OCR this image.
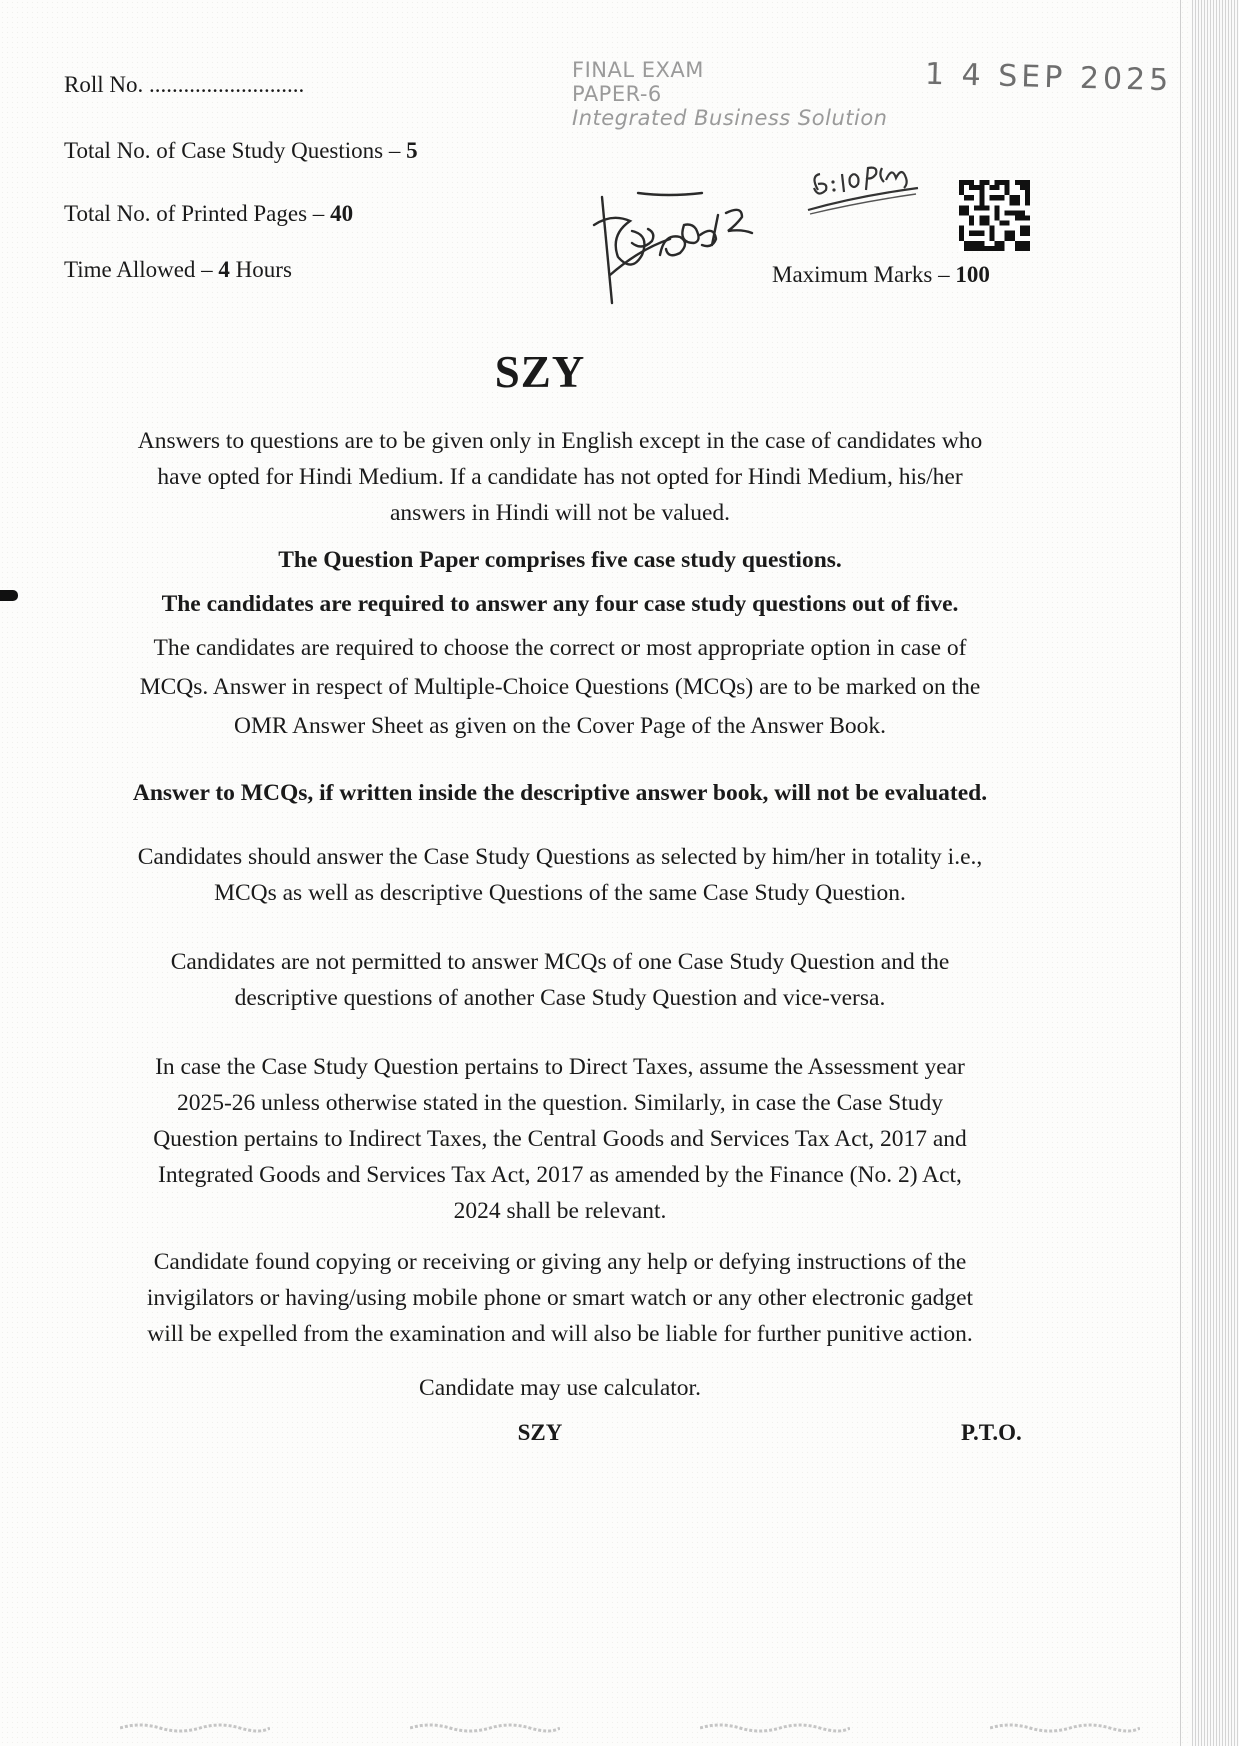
Roll No. ...........................
Total No. of Case Study Questions – 5
Total No. of Printed Pages – 40
Time Allowed – 4 Hours	Maximum Marks – 100
FINAL EXAM
PAPER-6
Integrated Business Solution
1 4 SEP 2025
6:10PM
14/09/25
SZY
Answers to questions are to be given only in English except in the case of candidates who
have opted for Hindi Medium. If a candidate has not opted for Hindi Medium, his/her
answers in Hindi will not be valued.
The Question Paper comprises five case study questions.
The candidates are required to answer any four case study questions out of five.
The candidates are required to choose the correct or most appropriate option in case of
MCQs. Answer in respect of Multiple-Choice Questions (MCQs) are to be marked on the
OMR Answer Sheet as given on the Cover Page of the Answer Book.
Answer to MCQs, if written inside the descriptive answer book, will not be evaluated.
Candidates should answer the Case Study Questions as selected by him/her in totality i.e.,
MCQs as well as descriptive Questions of the same Case Study Question.
Candidates are not permitted to answer MCQs of one Case Study Question and the
descriptive questions of another Case Study Question and vice-versa.
In case the Case Study Question pertains to Direct Taxes, assume the Assessment year
2025-26 unless otherwise stated in the question. Similarly, in case the Case Study
Question pertains to Indirect Taxes, the Central Goods and Services Tax Act, 2017 and
Integrated Goods and Services Tax Act, 2017 as amended by the Finance (No. 2) Act,
2024 shall be relevant.
Candidate found copying or receiving or giving any help or defying instructions of the
invigilators or having/using mobile phone or smart watch or any other electronic gadget
will be expelled from the examination and will also be liable for further punitive action.
Candidate may use calculator.
SZY	P.T.O.
